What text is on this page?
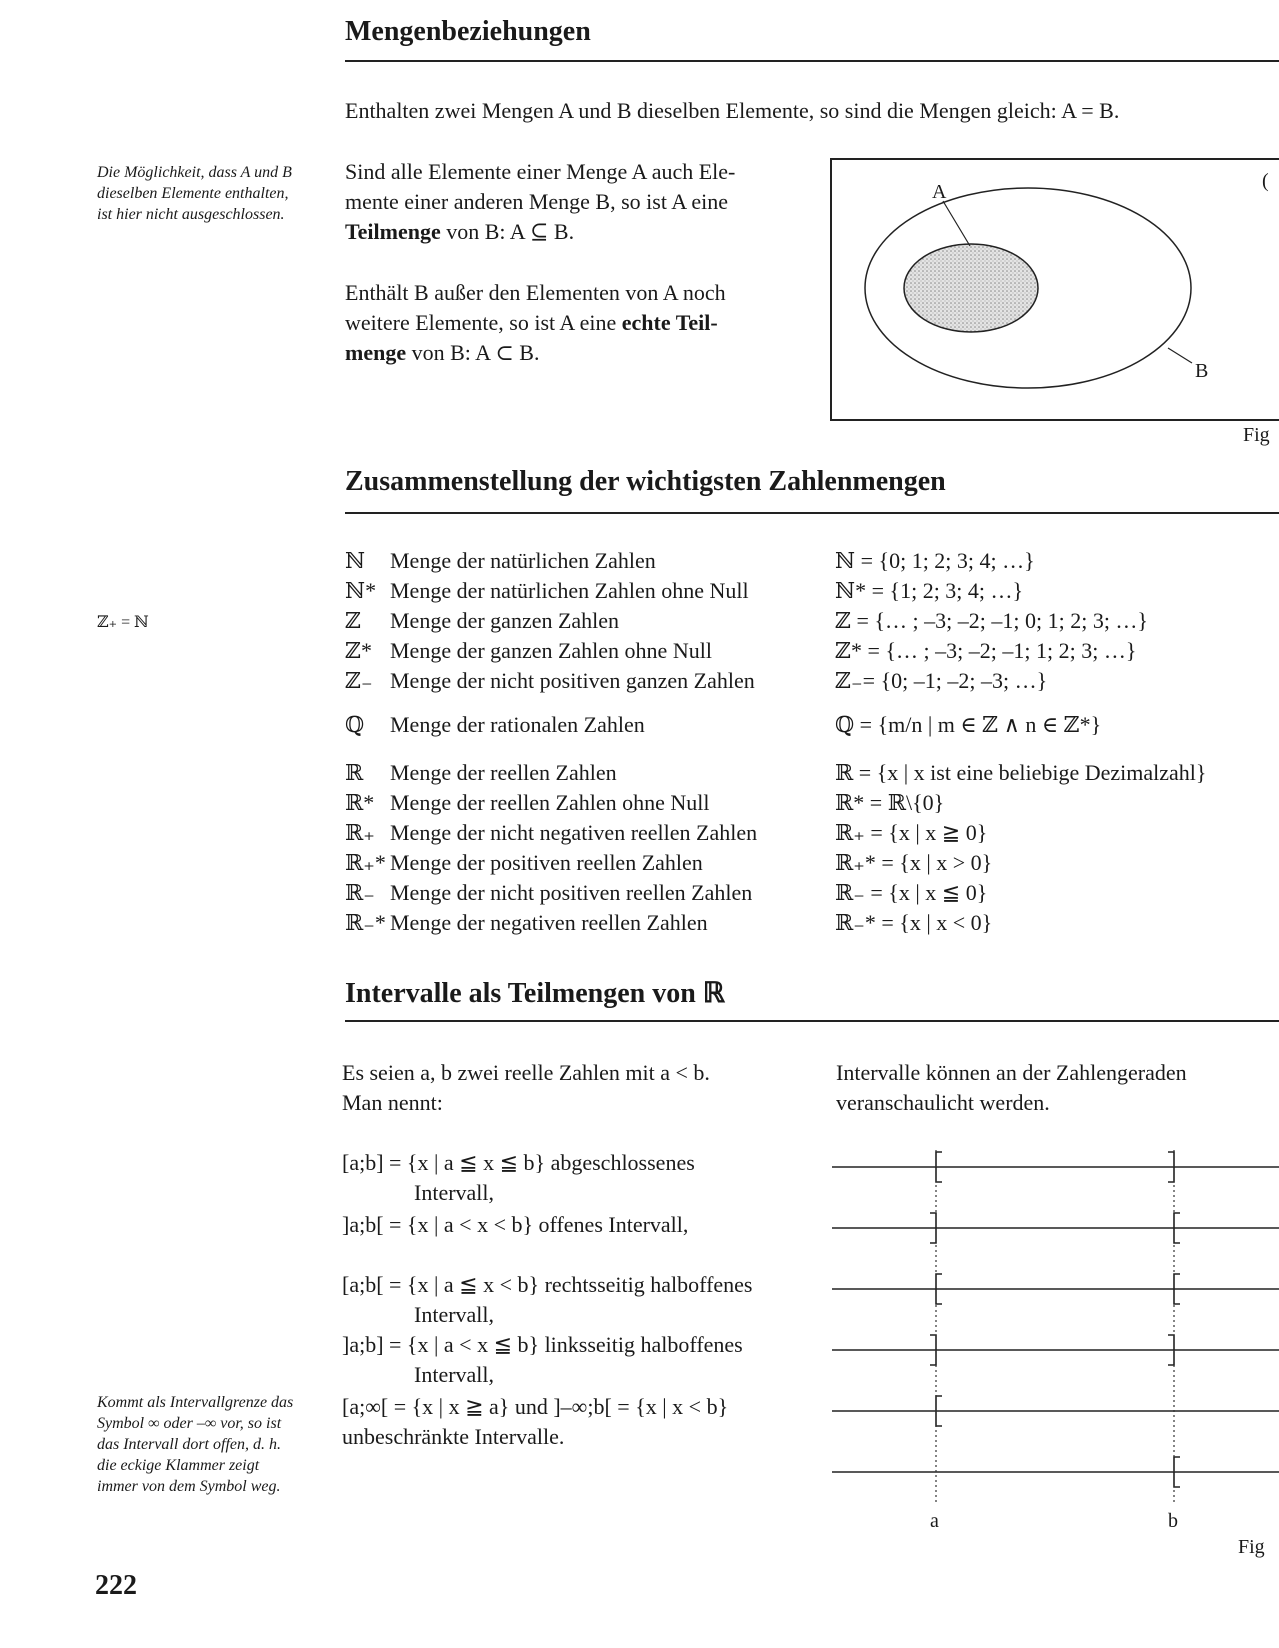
Mengenbeziehungen
Enthalten zwei Mengen A und B dieselben Elemente, so sind die Mengen gleich: A = B.
Die Möglichkeit, dass A und B dieselben Elemente enthalten, ist hier nicht ausgeschlossen.
Sind alle Elemente einer Menge A auch Ele-
mente einer anderen Menge B, so ist A eine
Teilmenge von B: A ⊆ B.
Enthält B außer den Elementen von A noch
weitere Elemente, so ist A eine echte Teil-
menge von B: A ⊂ B.
A
B
(
Fig
Zusammenstellung der wichtigsten Zahlenmengen
ℤ₊ = ℕ
ℕ Menge der natürlichen Zahlen	ℕ = {0; 1; 2; 3; 4; …}
ℕ* Menge der natürlichen Zahlen ohne Null	ℕ* = {1; 2; 3; 4; …}
ℤ Menge der ganzen Zahlen	ℤ = {… ; –3; –2; –1; 0; 1; 2; 3; …}
ℤ* Menge der ganzen Zahlen ohne Null	ℤ* = {… ; –3; –2; –1; 1; 2; 3; …}
ℤ₋ Menge der nicht positiven ganzen Zahlen	ℤ₋= {0; –1; –2; –3; …}
ℚ Menge der rationalen Zahlen	ℚ = {m/n | m ∈ ℤ ∧ n ∈ ℤ*}
ℝ Menge der reellen Zahlen	ℝ = {x | x ist eine beliebige Dezimalzahl}
ℝ* Menge der reellen Zahlen ohne Null	ℝ* = ℝ\{0}
ℝ₊ Menge der nicht negativen reellen Zahlen	ℝ₊ = {x | x ≧ 0}
ℝ₊* Menge der positiven reellen Zahlen	ℝ₊* = {x | x > 0}
ℝ₋ Menge der nicht positiven reellen Zahlen	ℝ₋ = {x | x ≦ 0}
ℝ₋* Menge der negativen reellen Zahlen	ℝ₋* = {x | x < 0}
Intervalle als Teilmengen von ℝ
Es seien a, b zwei reelle Zahlen mit a < b.
Man nennt:
Intervalle können an der Zahlengeraden
veranschaulicht werden.
[a;b] = {x | a ≦ x ≦ b} abgeschlossenes
Intervall,
]a;b[ = {x | a < x < b} offenes Intervall,
[a;b[ = {x | a ≦ x < b} rechtsseitig halboffenes
Intervall,
]a;b] = {x | a < x ≦ b} linksseitig halboffenes
Intervall,
[a;∞[ = {x | x ≧ a} und ]–∞;b[ = {x | x < b}
unbeschränkte Intervalle.
Kommt als Intervallgrenze das Symbol ∞ oder –∞ vor, so ist das Intervall dort offen, d. h. die eckige Klammer zeigt immer von dem Symbol weg.
a	b
Fig
222
